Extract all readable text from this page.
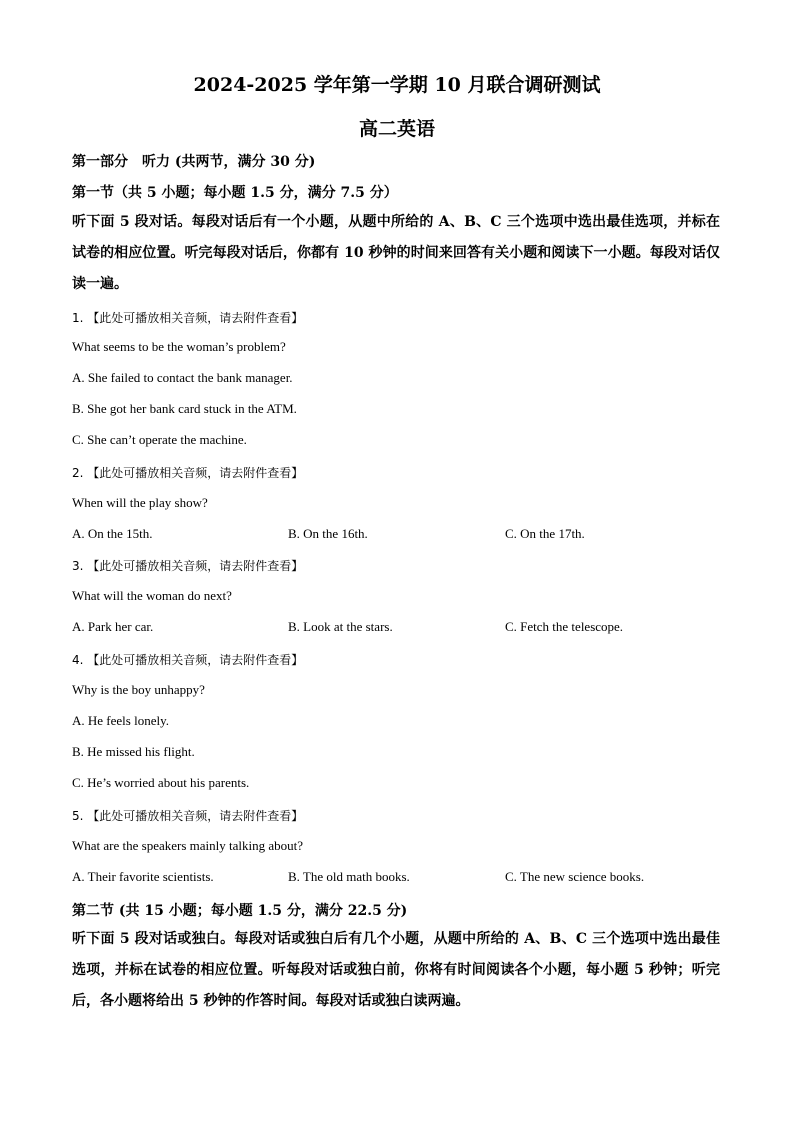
2024-2025 学年第一学期 10 月联合调研测试
高二英语

第一部分　听力 (共两节，满分 30 分)

第一节（共 5 小题；每小题 1.5 分，满分 7.5 分）

听下面 5 段对话。每段对话后有一个小题，从题中所给的 A、B、C 三个选项中选出最佳选项，并标在试卷的相应位置。听完每段对话后，你都有 10 秒钟的时间来回答有关小题和阅读下一小题。每段对话仅读一遍。

1. 【此处可播放相关音频，请去附件查看】

What seems to be the woman’s problem?

A. She failed to contact the bank manager.

B. She got her bank card stuck in the ATM.

C. She can’t operate the machine.

2. 【此处可播放相关音频，请去附件查看】

When will the play show?

A. On the 15th.	B. On the 16th.	C. On the 17th.

3. 【此处可播放相关音频，请去附件查看】

What will the woman do next?

A. Park her car.	B. Look at the stars.	C. Fetch the telescope.

4. 【此处可播放相关音频，请去附件查看】

Why is the boy unhappy?

A. He feels lonely.

B. He missed his flight.

C. He’s worried about his parents.

5. 【此处可播放相关音频，请去附件查看】

What are the speakers mainly talking about?

A. Their favorite scientists.	B. The old math books.	C. The new science books.

第二节 (共 15 小题；每小题 1.5 分，满分 22.5 分)

听下面 5 段对话或独白。每段对话或独白后有几个小题，从题中所给的 A、B、C 三个选项中选出最佳选项，并标在试卷的相应位置。听每段对话或独白前，你将有时间阅读各个小题，每小题 5 秒钟；听完后，各小题将给出 5 秒钟的作答时间。每段对话或独白读两遍。
